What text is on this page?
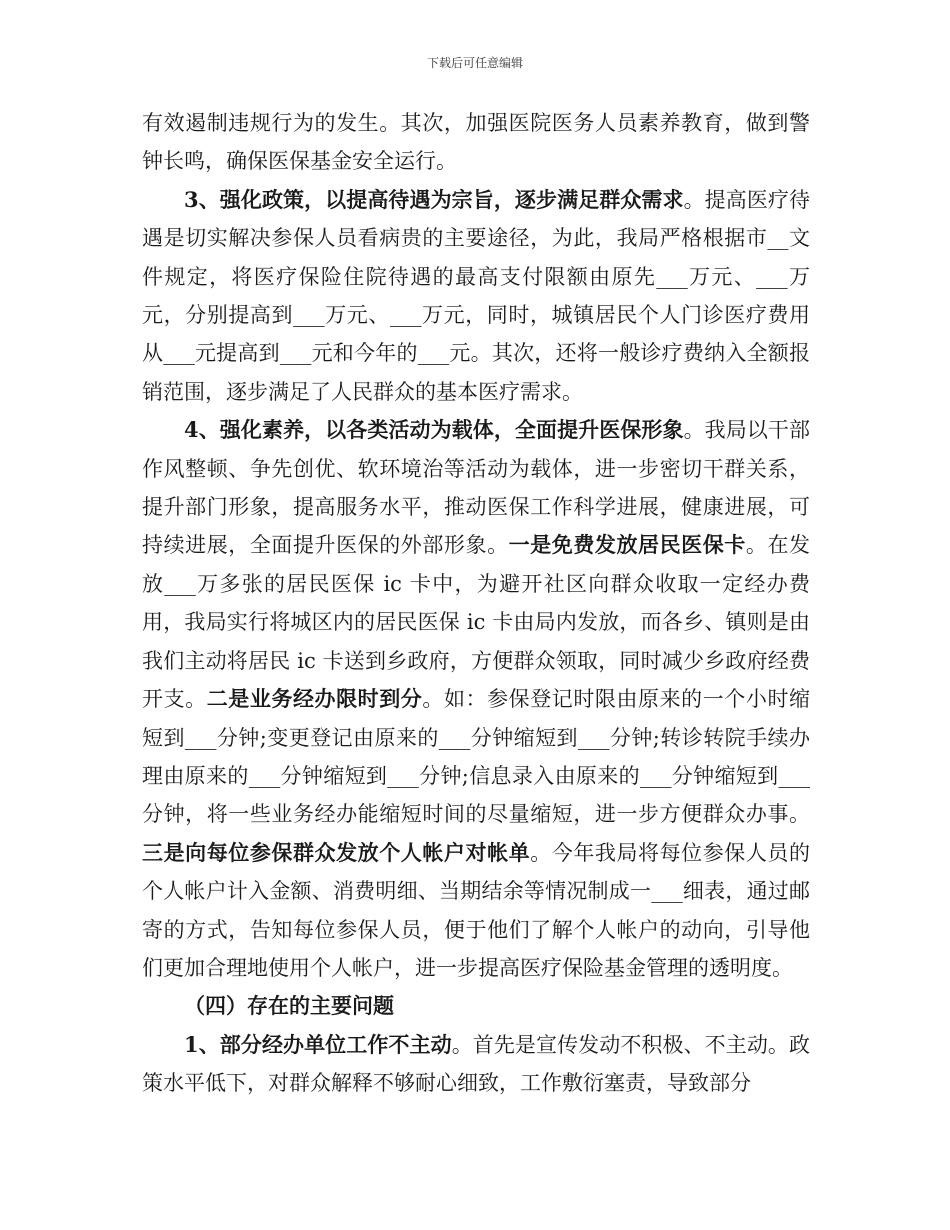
下载后可任意编辑

有效遏制违规行为的发生。其次，加强医院医务人员素养教育，做到警钟长鸣，确保医保基金安全运行。

3、强化政策，以提高待遇为宗旨，逐步满足群众需求。提高医疗待遇是切实解决参保人员看病贵的主要途径，为此，我局严格根据市__文件规定，将医疗保险住院待遇的最高支付限额由原先___万元、___万元，分别提高到___万元、___万元，同时，城镇居民个人门诊医疗费用从___元提高到___元和今年的___元。其次，还将一般诊疗费纳入全额报销范围，逐步满足了人民群众的基本医疗需求。

4、强化素养，以各类活动为载体，全面提升医保形象。我局以干部作风整顿、争先创优、软环境治等活动为载体，进一步密切干群关系，提升部门形象，提高服务水平，推动医保工作科学进展，健康进展，可持续进展，全面提升医保的外部形象。一是免费发放居民医保卡。在发放___万多张的居民医保 ic 卡中，为避开社区向群众收取一定经办费用，我局实行将城区内的居民医保 ic 卡由局内发放，而各乡、镇则是由我们主动将居民 ic 卡送到乡政府，方便群众领取，同时减少乡政府经费开支。二是业务经办限时到分。如：参保登记时限由原来的一个小时缩短到___分钟;变更登记由原来的___分钟缩短到___分钟;转诊转院手续办理由原来的___分钟缩短到___分钟;信息录入由原来的___分钟缩短到___分钟，将一些业务经办能缩短时间的尽量缩短，进一步方便群众办事。三是向每位参保群众发放个人帐户对帐单。今年我局将每位参保人员的个人帐户计入金额、消费明细、当期结余等情况制成一___细表，通过邮寄的方式，告知每位参保人员，便于他们了解个人帐户的动向，引导他们更加合理地使用个人帐户，进一步提高医疗保险基金管理的透明度。

（四）存在的主要问题

1、部分经办单位工作不主动。首先是宣传发动不积极、不主动。政策水平低下，对群众解释不够耐心细致，工作敷衍塞责，导致部分
